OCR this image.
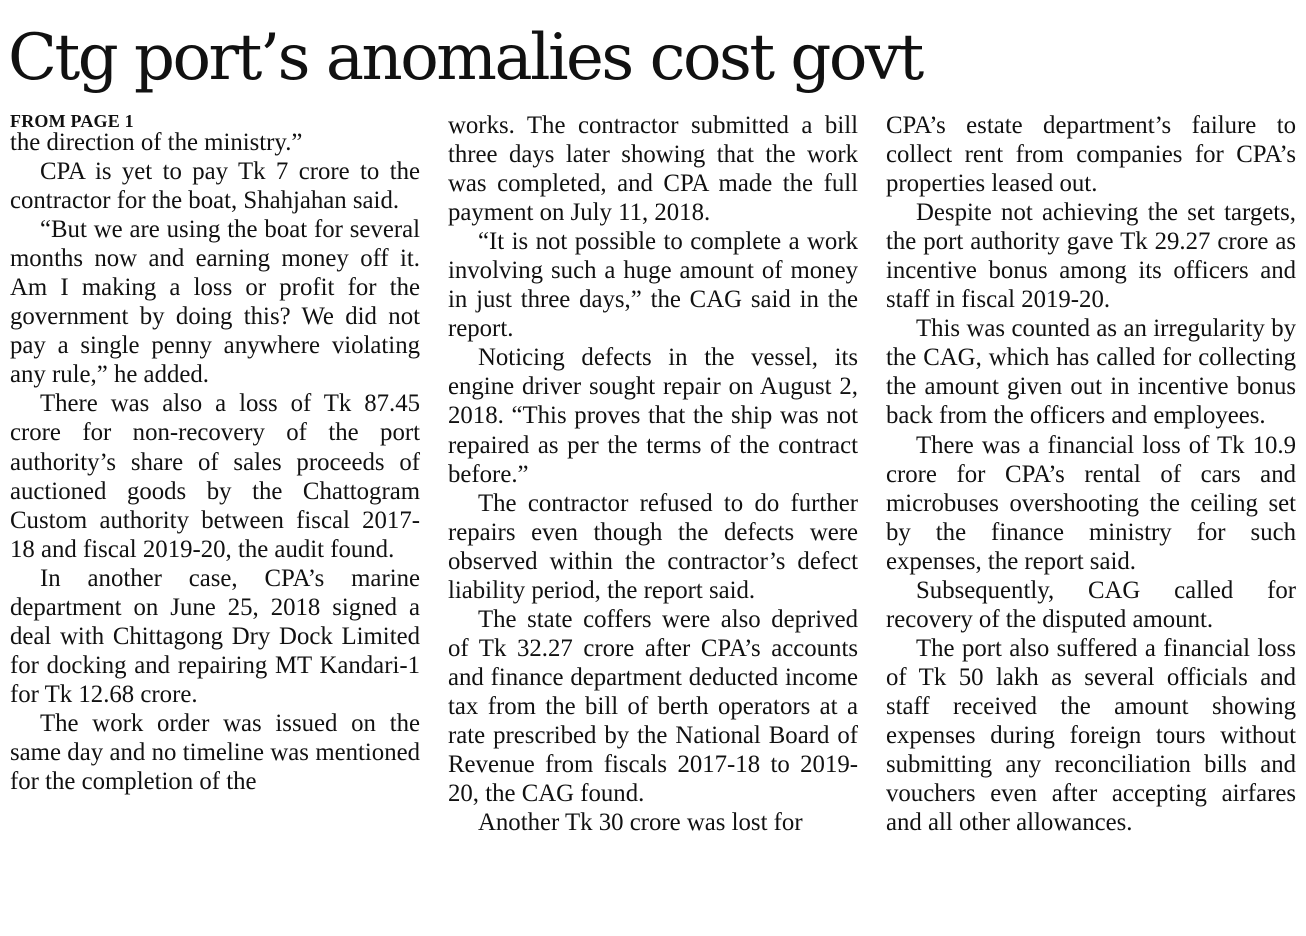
Ctg port’s anomalies cost govt
FROM PAGE 1

the direction of the ministry.”

CPA is yet to pay Tk 7 crore to the contractor for the boat, Shahjahan said.

“But we are using the boat for several months now and earning money off it. Am I making a loss or profit for the government by doing this? We did not pay a single penny anywhere violating any rule,” he added.

There was also a loss of Tk 87.45 crore for non-recovery of the port authority’s share of sales proceeds of auctioned goods by the Chattogram Custom authority between fiscal 2017-18 and fiscal 2019-20, the audit found.

In another case, CPA’s marine department on June 25, 2018 signed a deal with Chittagong Dry Dock Limited for docking and repairing MT Kandari-1 for Tk 12.68 crore.

The work order was issued on the same day and no timeline was mentioned for the completion of the

works. The contractor submitted a bill three days later showing that the work was completed, and CPA made the full payment on July 11, 2018.

“It is not possible to complete a work involving such a huge amount of money in just three days,” the CAG said in the report.

Noticing defects in the vessel, its engine driver sought repair on August 2, 2018. “This proves that the ship was not repaired as per the terms of the contract before.”

The contractor refused to do further repairs even though the defects were observed within the contractor’s defect liability period, the report said.

The state coffers were also deprived of Tk 32.27 crore after CPA’s accounts and finance department deducted income tax from the bill of berth operators at a rate prescribed by the National Board of Revenue from fiscals 2017-18 to 2019-20, the CAG found.

Another Tk 30 crore was lost for

CPA’s estate department’s failure to collect rent from companies for CPA’s properties leased out.

Despite not achieving the set targets, the port authority gave Tk 29.27 crore as incentive bonus among its officers and staff in fiscal 2019-20.

This was counted as an irregularity by the CAG, which has called for collecting the amount given out in incentive bonus back from the officers and employees.

There was a financial loss of Tk 10.9 crore for CPA’s rental of cars and microbuses overshooting the ceiling set by the finance ministry for such expenses, the report said.

Subsequently, CAG called for recovery of the disputed amount.

The port also suffered a financial loss of Tk 50 lakh as several officials and staff received the amount showing expenses during foreign tours without submitting any reconciliation bills and vouchers even after accepting airfares and all other allowances.
